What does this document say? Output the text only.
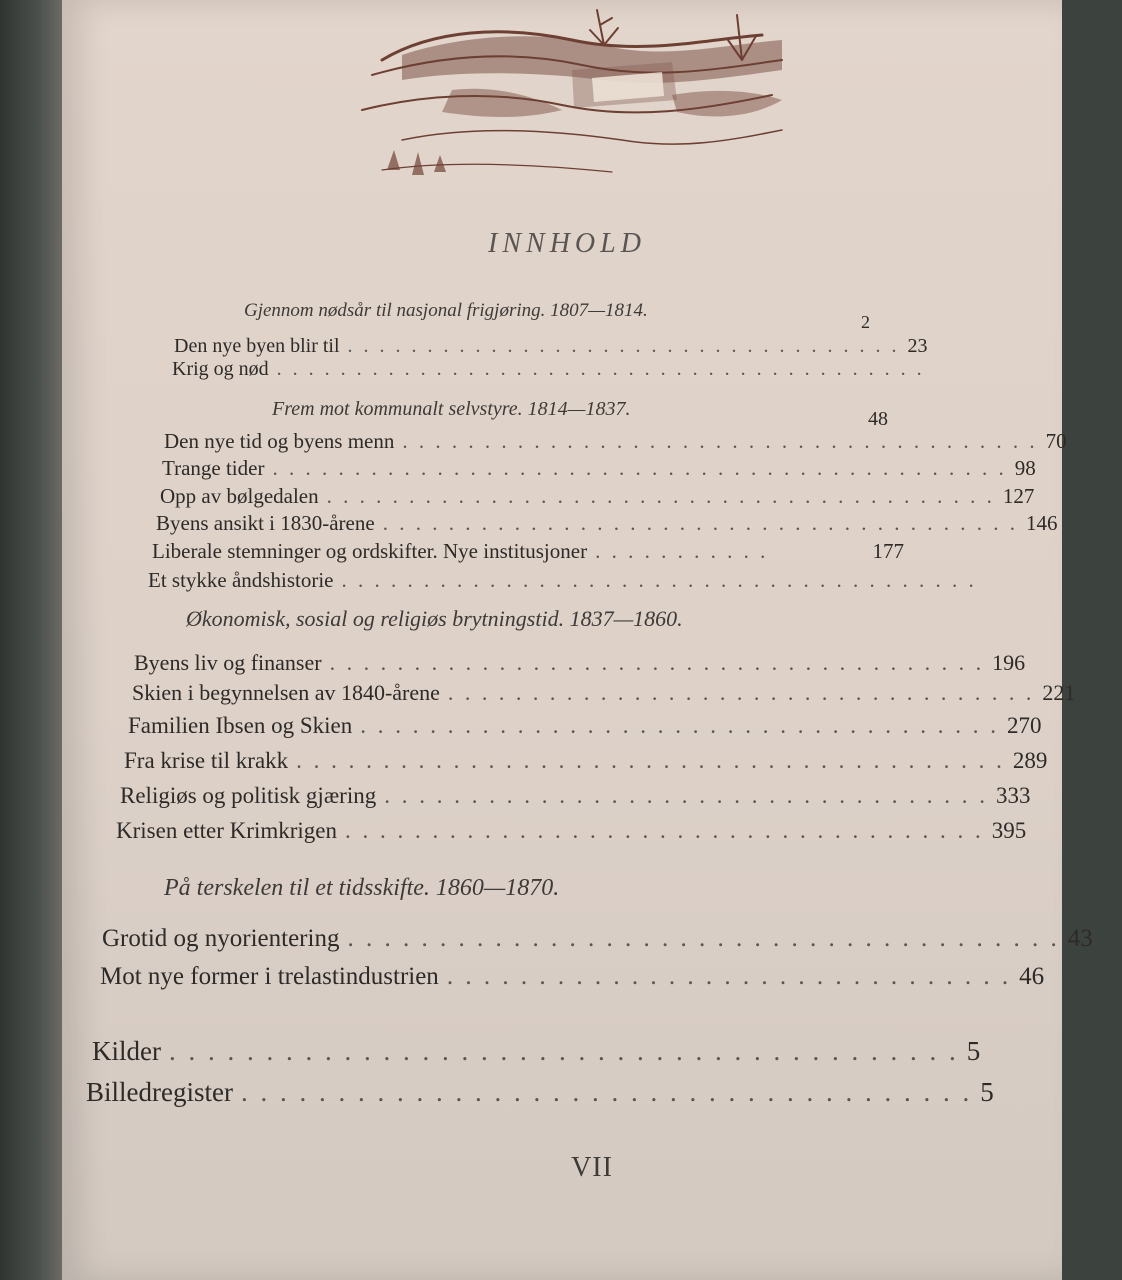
INNHOLD
Gjennom nødsår til nasjonal frigjøring. 1807—1814.
2
Den nye byen blir til . . . . . . . . . . . . . . . . . . . . . . . . . . . . . . . . . . . 23
Krig og nød . . . . . . . . . . . . . . . . . . . . . . . . . . . . . . . . . . . . . . . . .
Frem mot kommunalt selvstyre. 1814—1837.	48
Den nye tid og byens menn . . . . . . . . . . . . . . . . . . . . . . . . . . . . . . . . . . . . . . . 70
Trange tider . . . . . . . . . . . . . . . . . . . . . . . . . . . . . . . . . . . . . . . . . . . . . 98
Opp av bølgedalen . . . . . . . . . . . . . . . . . . . . . . . . . . . . . . . . . . . . . . . . . 127
Byens ansikt i 1830-årene . . . . . . . . . . . . . . . . . . . . . . . . . . . . . . . . . . . . . . . 146
Liberale stemninger og ordskifter. Nye institusjoner . . . . . . . . . . .	177
Et stykke åndshistorie . . . . . . . . . . . . . . . . . . . . . . . . . . . . . . . . . . . . . . .
Økonomisk, sosial og religiøs brytningstid. 1837—1860.
Byens liv og finanser . . . . . . . . . . . . . . . . . . . . . . . . . . . . . . . . . . . . . . . 196
Skien i begynnelsen av 1840-årene . . . . . . . . . . . . . . . . . . . . . . . . . . . . . . . . . . . 221
Familien Ibsen og Skien . . . . . . . . . . . . . . . . . . . . . . . . . . . . . . . . . . . . . 270
Fra krise til krakk . . . . . . . . . . . . . . . . . . . . . . . . . . . . . . . . . . . . . . . . . 289
Religiøs og politisk gjæring . . . . . . . . . . . . . . . . . . . . . . . . . . . . . . . . . . . 333
Krisen etter Krimkrigen . . . . . . . . . . . . . . . . . . . . . . . . . . . . . . . . . . . . . 395
På terskelen til et tidsskifte. 1860—1870.
Grotid og nyorientering . . . . . . . . . . . . . . . . . . . . . . . . . . . . . . . . . . . . . . . 43
Mot nye former i trelastindustrien . . . . . . . . . . . . . . . . . . . . . . . . . . . . . . . 46
Kilder . . . . . . . . . . . . . . . . . . . . . . . . . . . . . . . . . . . . . . . . . 5
Billedregister . . . . . . . . . . . . . . . . . . . . . . . . . . . . . . . . . . . . . . 5
VII
